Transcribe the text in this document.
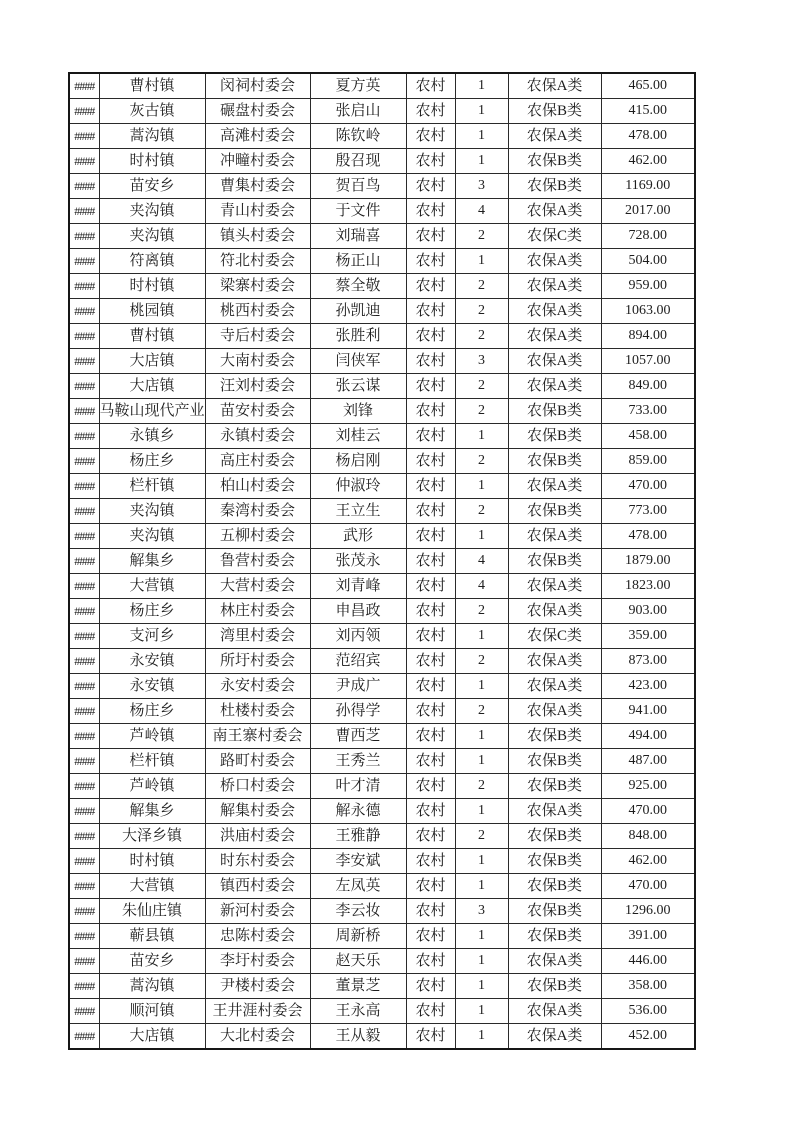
####	曹村镇	闵祠村委会	夏方英	农村	1	农保A类	465.00

####	灰古镇	碾盘村委会	张启山	农村	1	农保B类	415.00

####	蒿沟镇	高滩村委会	陈钦岭	农村	1	农保A类	478.00

####	时村镇	冲疃村委会	殷召现	农村	1	农保B类	462.00

####	苗安乡	曹集村委会	贺百鸟	农村	3	农保B类	1169.00

####	夹沟镇	青山村委会	于文件	农村	4	农保A类	2017.00

####	夹沟镇	镇头村委会	刘瑞喜	农村	2	农保C类	728.00

####	符离镇	符北村委会	杨正山	农村	1	农保A类	504.00

####	时村镇	梁寨村委会	蔡全敬	农村	2	农保A类	959.00

####	桃园镇	桃西村委会	孙凯迪	农村	2	农保A类	1063.00

####	曹村镇	寺后村委会	张胜利	农村	2	农保A类	894.00

####	大店镇	大南村委会	闫侠军	农村	3	农保A类	1057.00

####	大店镇	汪刘村委会	张云谋	农村	2	农保A类	849.00

####	马鞍山现代产业	苗安村委会	刘锋	农村	2	农保B类	733.00

####	永镇乡	永镇村委会	刘桂云	农村	1	农保B类	458.00

####	杨庄乡	高庄村委会	杨启刚	农村	2	农保B类	859.00

####	栏杆镇	柏山村委会	仲淑玲	农村	1	农保A类	470.00

####	夹沟镇	秦湾村委会	王立生	农村	2	农保B类	773.00

####	夹沟镇	五柳村委会	武形	农村	1	农保A类	478.00

####	解集乡	鲁营村委会	张茂永	农村	4	农保B类	1879.00

####	大营镇	大营村委会	刘青峰	农村	4	农保A类	1823.00

####	杨庄乡	林庄村委会	申昌政	农村	2	农保A类	903.00

####	支河乡	湾里村委会	刘丙领	农村	1	农保C类	359.00

####	永安镇	所圩村委会	范绍宾	农村	2	农保A类	873.00

####	永安镇	永安村委会	尹成广	农村	1	农保A类	423.00

####	杨庄乡	杜楼村委会	孙得学	农村	2	农保A类	941.00

####	芦岭镇	南王寨村委会	曹西芝	农村	1	农保B类	494.00

####	栏杆镇	路町村委会	王秀兰	农村	1	农保B类	487.00

####	芦岭镇	桥口村委会	叶才清	农村	2	农保B类	925.00

####	解集乡	解集村委会	解永德	农村	1	农保A类	470.00

####	大泽乡镇	洪庙村委会	王雅静	农村	2	农保B类	848.00

####	时村镇	时东村委会	李安斌	农村	1	农保B类	462.00

####	大营镇	镇西村委会	左凤英	农村	1	农保B类	470.00

####	朱仙庄镇	新河村委会	李云妆	农村	3	农保B类	1296.00

####	蕲县镇	忠陈村委会	周新桥	农村	1	农保B类	391.00

####	苗安乡	李圩村委会	赵天乐	农村	1	农保A类	446.00

####	蒿沟镇	尹楼村委会	董景芝	农村	1	农保B类	358.00

####	顺河镇	王井涯村委会	王永高	农村	1	农保A类	536.00

####	大店镇	大北村委会	王从毅	农村	1	农保A类	452.00
